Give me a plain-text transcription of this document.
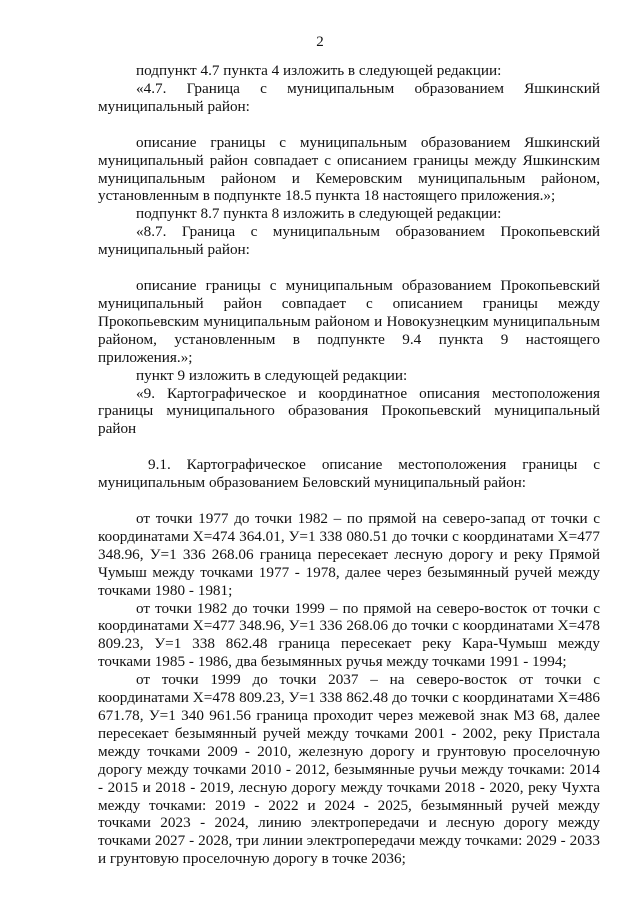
2

подпункт 4.7 пункта 4 изложить в следующей редакции:

«4.7. Граница с муниципальным образованием Яшкинский муниципальный район:

описание границы с муниципальным образованием Яшкинский муниципальный район совпадает с описанием границы между Яшкинским муниципальным районом и Кемеровским муниципальным районом, установленным в подпункте 18.5 пункта 18 настоящего приложения.»;

подпункт 8.7 пункта 8 изложить в следующей редакции:

«8.7. Граница с муниципальным образованием Прокопьевский муниципальный район:

описание границы с муниципальным образованием Прокопьевский муниципальный район совпадает с описанием границы между Прокопьевским муниципальным районом и Новокузнецким муниципальным районом, установленным в подпункте 9.4 пункта 9 настоящего приложения.»;

пункт 9 изложить в следующей редакции:

«9. Картографическое и координатное описания местоположения границы муниципального образования Прокопьевский муниципальный район

9.1. Картографическое описание местоположения границы с муниципальным образованием Беловский муниципальный район:

от точки 1977 до точки 1982 – по прямой на северо-запад от точки с координатами X=474 364.01, У=1 338 080.51 до точки с координатами X=477 348.96, У=1 336 268.06 граница пересекает лесную дорогу и реку Прямой Чумыш между точками 1977 - 1978, далее через безымянный ручей между точками 1980 - 1981;

от точки 1982 до точки 1999 – по прямой на северо-восток от точки с координатами X=477 348.96, У=1 336 268.06 до точки с координатами X=478 809.23, У=1 338 862.48 граница пересекает реку Кара-Чумыш между точками 1985 - 1986, два безымянных ручья между точками 1991 - 1994;

от точки 1999 до точки 2037 – на северо-восток от точки с координатами X=478 809.23, У=1 338 862.48 до точки с координатами X=486 671.78, У=1 340 961.56 граница проходит через межевой знак МЗ 68, далее пересекает безымянный ручей между точками 2001 - 2002, реку Пристала между точками 2009 - 2010, железную дорогу и грунтовую проселочную дорогу между точками 2010 - 2012, безымянные ручьи между точками: 2014 - 2015 и 2018 - 2019, лесную дорогу между точками 2018 - 2020, реку Чухта между точками: 2019 - 2022 и 2024 - 2025, безымянный ручей между точками 2023 - 2024, линию электропередачи и лесную дорогу между точками 2027 - 2028, три линии электропередачи между точками: 2029 - 2033 и грунтовую проселочную дорогу в точке 2036;
